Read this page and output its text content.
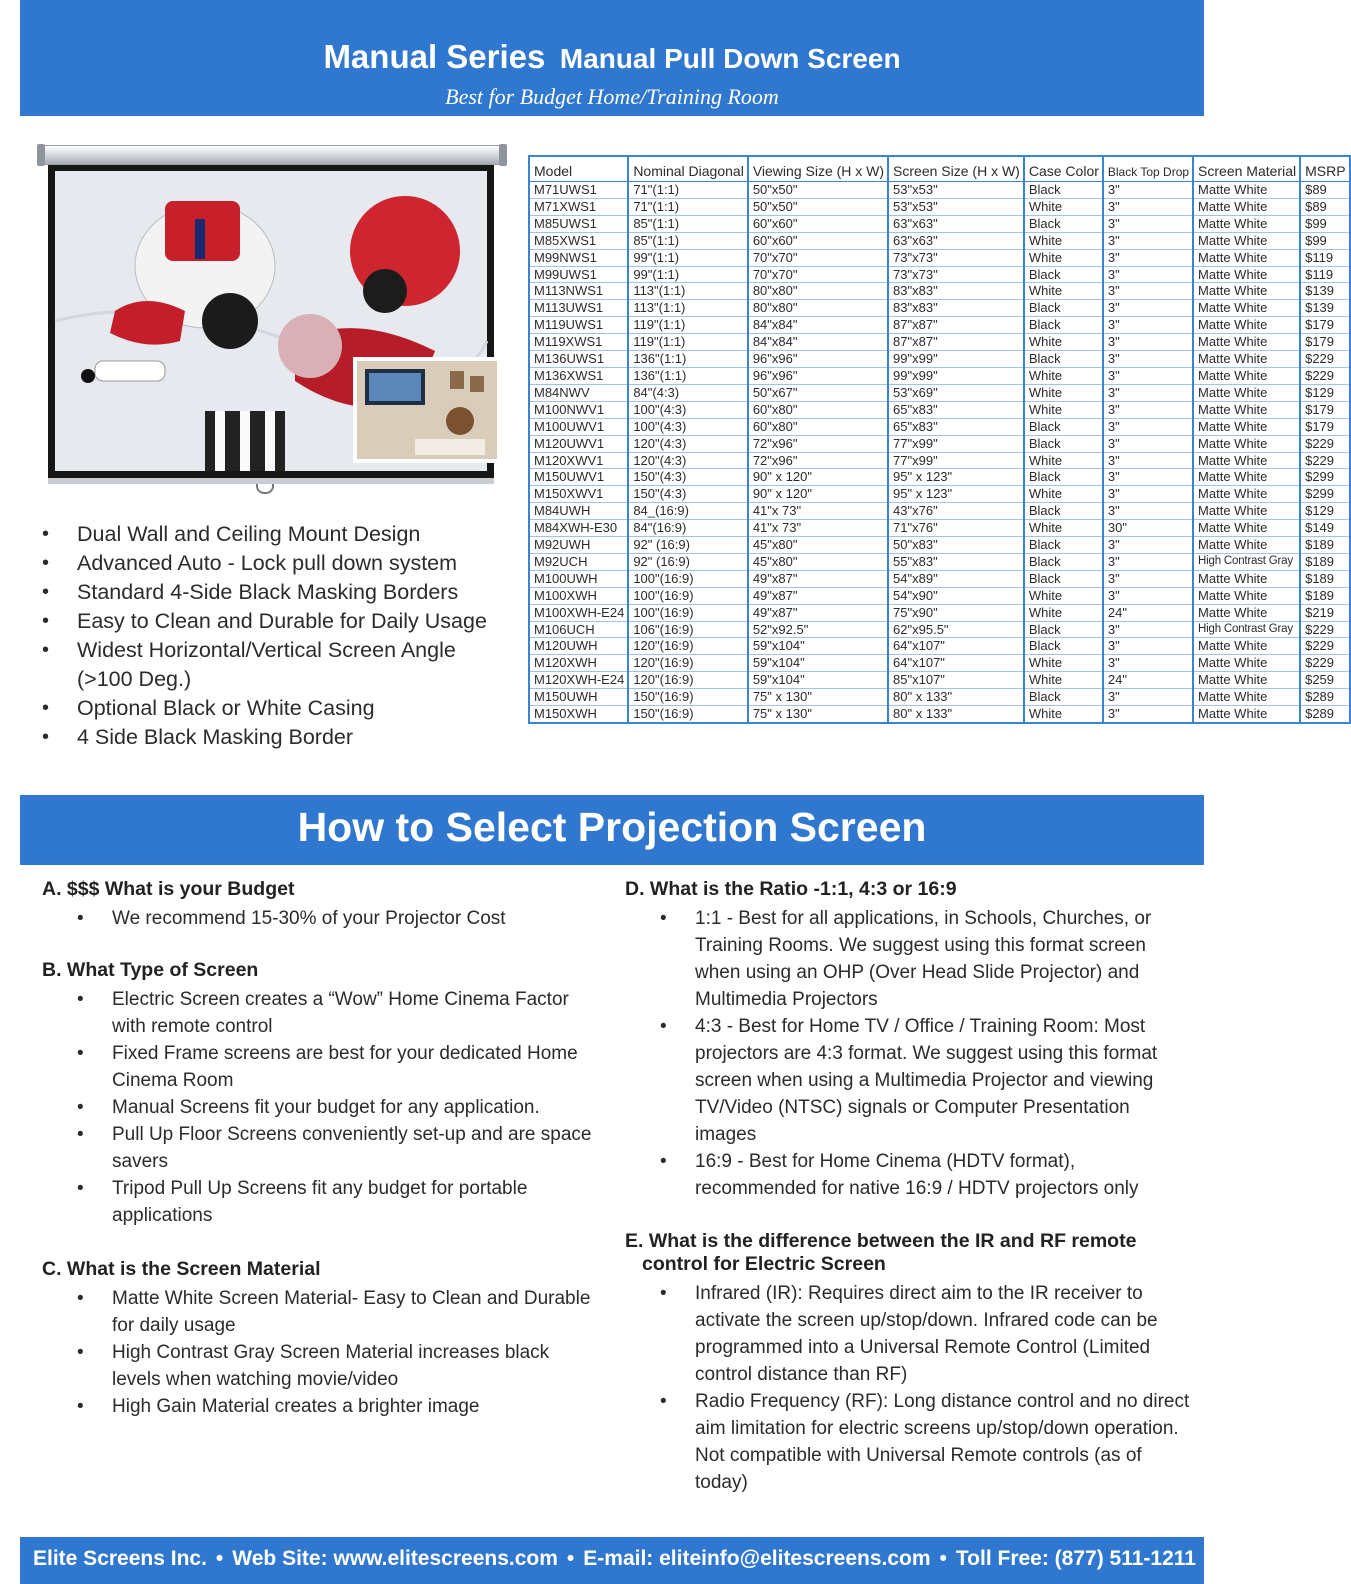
Manual Series Manual Pull Down Screen
Best for Budget Home/Training Room
• Dual Wall and Ceiling Mount Design
• Advanced Auto - Lock pull down system
• Standard 4-Side Black Masking Borders
• Easy to Clean and Durable for Daily Usage
• Widest Horizontal/Vertical Screen Angle (>100 Deg.)
• Optional Black or White Casing
• 4 Side Black Masking Border
Model	Nominal Diagonal	Viewing Size (H x W)	Screen Size (H x W)	Case Color	Black Top Drop	Screen Material	MSRP
M71UWS1	71"(1:1)	50"x50"	53"x53"	Black	3"	Matte White	$89
M71XWS1	71"(1:1)	50"x50"	53"x53"	White	3"	Matte White	$89
M85UWS1	85"(1:1)	60"x60"	63"x63"	Black	3"	Matte White	$99
M85XWS1	85"(1:1)	60"x60"	63"x63"	White	3"	Matte White	$99
M99NWS1	99"(1:1)	70"x70"	73"x73"	White	3"	Matte White	$119
M99UWS1	99"(1:1)	70"x70"	73"x73"	Black	3"	Matte White	$119
M113NWS1	113"(1:1)	80"x80"	83"x83"	White	3"	Matte White	$139
M113UWS1	113"(1:1)	80"x80"	83"x83"	Black	3"	Matte White	$139
M119UWS1	119"(1:1)	84"x84"	87"x87"	Black	3"	Matte White	$179
M119XWS1	119"(1:1)	84"x84"	87"x87"	White	3"	Matte White	$179
M136UWS1	136"(1:1)	96"x96"	99"x99"	Black	3"	Matte White	$229
M136XWS1	136"(1:1)	96"x96"	99"x99"	White	3"	Matte White	$229
M84NWV	84"(4:3)	50"x67"	53"x69"	White	3"	Matte White	$129
M100NWV1	100"(4:3)	60"x80"	65"x83"	White	3"	Matte White	$179
M100UWV1	100"(4:3)	60"x80"	65"x83"	Black	3"	Matte White	$179
M120UWV1	120"(4:3)	72"x96"	77"x99"	Black	3"	Matte White	$229
M120XWV1	120"(4:3)	72"x96"	77"x99"	White	3"	Matte White	$229
M150UWV1	150"(4:3)	90" x 120"	95" x 123"	Black	3"	Matte White	$299
M150XWV1	150"(4:3)	90" x 120"	95" x 123"	White	3"	Matte White	$299
M84UWH	84_(16:9)	41"x 73"	43"x76"	Black	3"	Matte White	$129
M84XWH-E30	84"(16:9)	41"x 73"	71"x76"	White	30"	Matte White	$149
M92UWH	92" (16:9)	45"x80"	50"x83"	Black	3"	Matte White	$189
M92UCH	92" (16:9)	45"x80"	55"x83"	Black	3"	High Contrast Gray	$189
M100UWH	100"(16:9)	49"x87"	54"x89"	Black	3"	Matte White	$189
M100XWH	100"(16:9)	49"x87"	54"x90"	White	3"	Matte White	$189
M100XWH-E24	100"(16:9)	49"x87"	75"x90"	White	24"	Matte White	$219
M106UCH	106"(16:9)	52"x92.5"	62"x95.5"	Black	3"	High Contrast Gray	$229
M120UWH	120"(16:9)	59"x104"	64"x107"	Black	3"	Matte White	$229
M120XWH	120"(16:9)	59"x104"	64"x107"	White	3"	Matte White	$229
M120XWH-E24	120"(16:9)	59"x104"	85"x107"	White	24"	Matte White	$259
M150UWH	150"(16:9)	75" x 130"	80" x 133"	Black	3"	Matte White	$289
M150XWH	150"(16:9)	75" x 130"	80" x 133"	White	3"	Matte White	$289
How to Select Projection Screen
A. $$$ What is your Budget
• We recommend 15-30% of your Projector Cost
B. What Type of Screen
• Electric Screen creates a “Wow” Home Cinema Factor with remote control
• Fixed Frame screens are best for your dedicated Home Cinema Room
• Manual Screens fit your budget for any application.
• Pull Up Floor Screens conveniently set-up and are space savers
• Tripod Pull Up Screens fit any budget for portable applications
C. What is the Screen Material
• Matte White Screen Material- Easy to Clean and Durable for daily usage
• High Contrast Gray Screen Material increases black levels when watching movie/video
• High Gain Material creates a brighter image
D. What is the Ratio -1:1, 4:3 or 16:9
• 1:1 - Best for all applications, in Schools, Churches, or Training Rooms. We suggest using this format screen when using an OHP (Over Head Slide Projector) and Multimedia Projectors
• 4:3 - Best for Home TV / Office / Training Room: Most projectors are 4:3 format. We suggest using this format screen when using a Multimedia Projector and viewing TV/Video (NTSC) signals or Computer Presentation images
• 16:9 - Best for Home Cinema (HDTV format), recommended for native 16:9 / HDTV projectors only
E. What is the difference between the IR and RF remote
control for Electric Screen
• Infrared (IR): Requires direct aim to the IR receiver to activate the screen up/stop/down. Infrared code can be programmed into a Universal Remote Control (Limited control distance than RF)
• Radio Frequency (RF): Long distance control and no direct aim limitation for electric screens up/stop/down operation. Not compatible with Universal Remote controls (as of today)
Elite Screens Inc. • Web Site: www.elitescreens.com • E-mail: eliteinfo@elitescreens.com • Toll Free: (877) 511-1211
